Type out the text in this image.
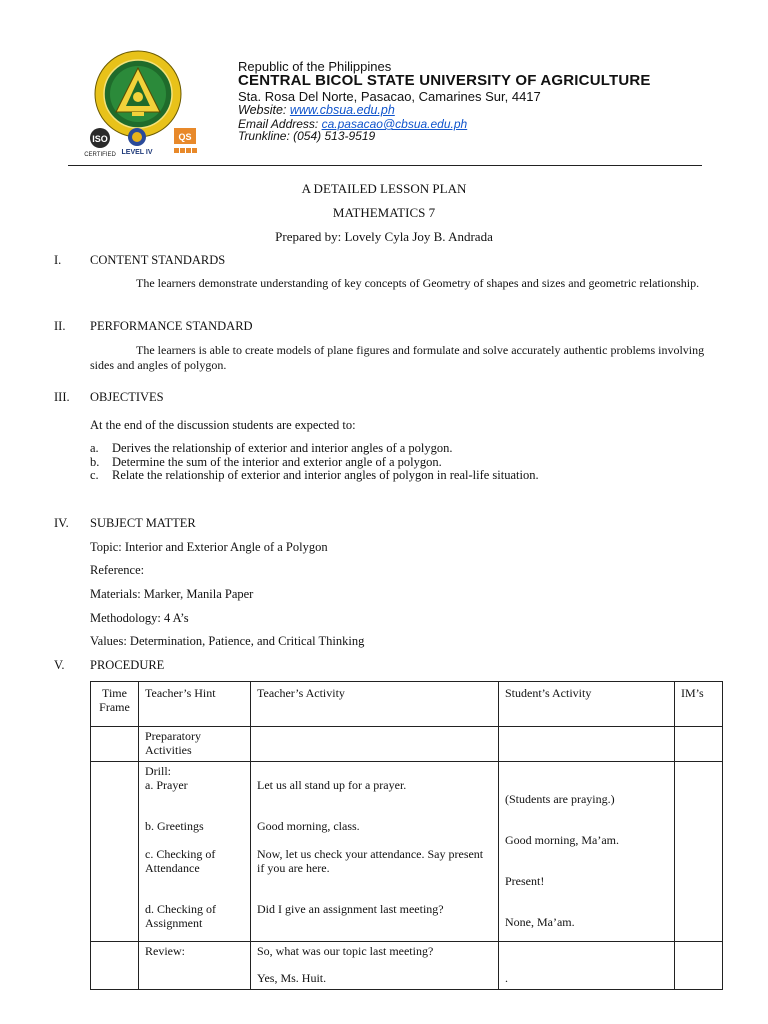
ISO
CERTIFIED LEVEL IV
QS
Republic of the Philippines
CENTRAL BICOL STATE UNIVERSITY OF AGRICULTURE
Sta. Rosa Del Norte, Pasacao, Camarines Sur, 4417
Website: www.cbsua.edu.ph
Email Address: ca.pasacao@cbsua.edu.ph
Trunkline: (054) 513-9519
A DETAILED LESSON PLAN
MATHEMATICS 7
Prepared by: Lovely Cyla Joy B. Andrada
I.	CONTENT STANDARDS
The learners demonstrate understanding of key concepts of Geometry of shapes and sizes and geometric relationship.
II.	PERFORMANCE STANDARD
The learners is able to create models of plane figures and formulate and solve accurately authentic problems involving sides and angles of polygon.
III.	OBJECTIVES
At the end of the discussion students are expected to:
a. Derives the relationship of exterior and interior angles of a polygon.
b. Determine the sum of the interior and exterior angle of a polygon.
c. Relate the relationship of exterior and interior angles of polygon in real-life situation.
IV.	SUBJECT MATTER
Topic: Interior and Exterior Angle of a Polygon
Reference:
Materials: Marker, Manila Paper
Methodology: 4 A’s
Values: Determination, Patience, and Critical Thinking
V.	PROCEDURE
Time Frame	Teacher’s Hint	Teacher’s Activity	Student’s Activity	IM’s
	Preparatory Activities			

	Drill:
a. Prayer
b. Greetings
c. Checking of Attendance
d. Checking of Assignment	Let us all stand up for a prayer.
Good morning, class.
Now, let us check your attendance. Say present if you are here.
Did I give an assignment last meeting?	(Students are praying.)
Good morning, Ma’am.
Present!
None, Ma’am.	

	Review:	So, what was our topic last meeting?
Yes, Ms. Huit.	.	
